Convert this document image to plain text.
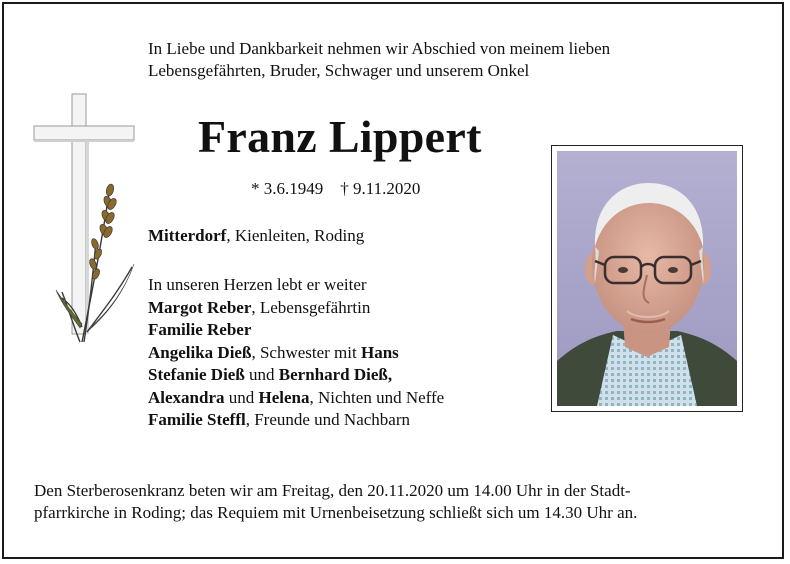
In Liebe und Dankbarkeit nehmen wir Abschied von meinem lieben
Lebensgefährten, Bruder, Schwager und unserem Onkel
Franz Lippert
* 3.6.1949 † 9.11.2020
Mitterdorf, Kienleiten, Roding
In unseren Herzen lebt er weiter
Margot Reber, Lebensgefährtin
Familie Reber
Angelika Dieß, Schwester mit Hans
Stefanie Dieß und Bernhard Dieß,
Alexandra und Helena, Nichten und Neffe
Familie Steffl, Freunde und Nachbarn
Den Sterberosenkranz beten wir am Freitag, den 20.11.2020 um 14.00 Uhr in der Stadt-
pfarrkirche in Roding; das Requiem mit Urnenbeisetzung schließt sich um 14.30 Uhr an.
